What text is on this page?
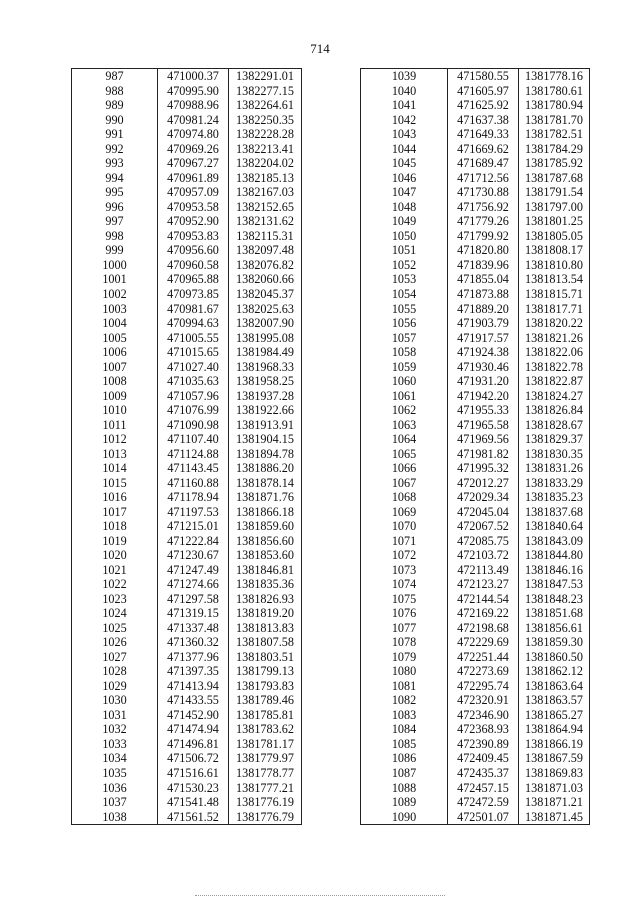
714
987	471000.37	1382291.01
988	470995.90	1382277.15
989	470988.96	1382264.61
990	470981.24	1382250.35
991	470974.80	1382228.28
992	470969.26	1382213.41
993	470967.27	1382204.02
994	470961.89	1382185.13
995	470957.09	1382167.03
996	470953.58	1382152.65
997	470952.90	1382131.62
998	470953.83	1382115.31
999	470956.60	1382097.48
1000	470960.58	1382076.82
1001	470965.88	1382060.66
1002	470973.85	1382045.37
1003	470981.67	1382025.63
1004	470994.63	1382007.90
1005	471005.55	1381995.08
1006	471015.65	1381984.49
1007	471027.40	1381968.33
1008	471035.63	1381958.25
1009	471057.96	1381937.28
1010	471076.99	1381922.66
1011	471090.98	1381913.91
1012	471107.40	1381904.15
1013	471124.88	1381894.78
1014	471143.45	1381886.20
1015	471160.88	1381878.14
1016	471178.94	1381871.76
1017	471197.53	1381866.18
1018	471215.01	1381859.60
1019	471222.84	1381856.60
1020	471230.67	1381853.60
1021	471247.49	1381846.81
1022	471274.66	1381835.36
1023	471297.58	1381826.93
1024	471319.15	1381819.20
1025	471337.48	1381813.83
1026	471360.32	1381807.58
1027	471377.96	1381803.51
1028	471397.35	1381799.13
1029	471413.94	1381793.83
1030	471433.55	1381789.46
1031	471452.90	1381785.81
1032	471474.94	1381783.62
1033	471496.81	1381781.17
1034	471506.72	1381779.97
1035	471516.61	1381778.77
1036	471530.23	1381777.21
1037	471541.48	1381776.19
1038	471561.52	1381776.79
1039	471580.55	1381778.16
1040	471605.97	1381780.61
1041	471625.92	1381780.94
1042	471637.38	1381781.70
1043	471649.33	1381782.51
1044	471669.62	1381784.29
1045	471689.47	1381785.92
1046	471712.56	1381787.68
1047	471730.88	1381791.54
1048	471756.92	1381797.00
1049	471779.26	1381801.25
1050	471799.92	1381805.05
1051	471820.80	1381808.17
1052	471839.96	1381810.80
1053	471855.04	1381813.54
1054	471873.88	1381815.71
1055	471889.20	1381817.71
1056	471903.79	1381820.22
1057	471917.57	1381821.26
1058	471924.38	1381822.06
1059	471930.46	1381822.78
1060	471931.20	1381822.87
1061	471942.20	1381824.27
1062	471955.33	1381826.84
1063	471965.58	1381828.67
1064	471969.56	1381829.37
1065	471981.82	1381830.35
1066	471995.32	1381831.26
1067	472012.27	1381833.29
1068	472029.34	1381835.23
1069	472045.04	1381837.68
1070	472067.52	1381840.64
1071	472085.75	1381843.09
1072	472103.72	1381844.80
1073	472113.49	1381846.16
1074	472123.27	1381847.53
1075	472144.54	1381848.23
1076	472169.22	1381851.68
1077	472198.68	1381856.61
1078	472229.69	1381859.30
1079	472251.44	1381860.50
1080	472273.69	1381862.12
1081	472295.74	1381863.64
1082	472320.91	1381863.57
1083	472346.90	1381865.27
1084	472368.93	1381864.94
1085	472390.89	1381866.19
1086	472409.45	1381867.59
1087	472435.37	1381869.83
1088	472457.15	1381871.03
1089	472472.59	1381871.21
1090	472501.07	1381871.45
